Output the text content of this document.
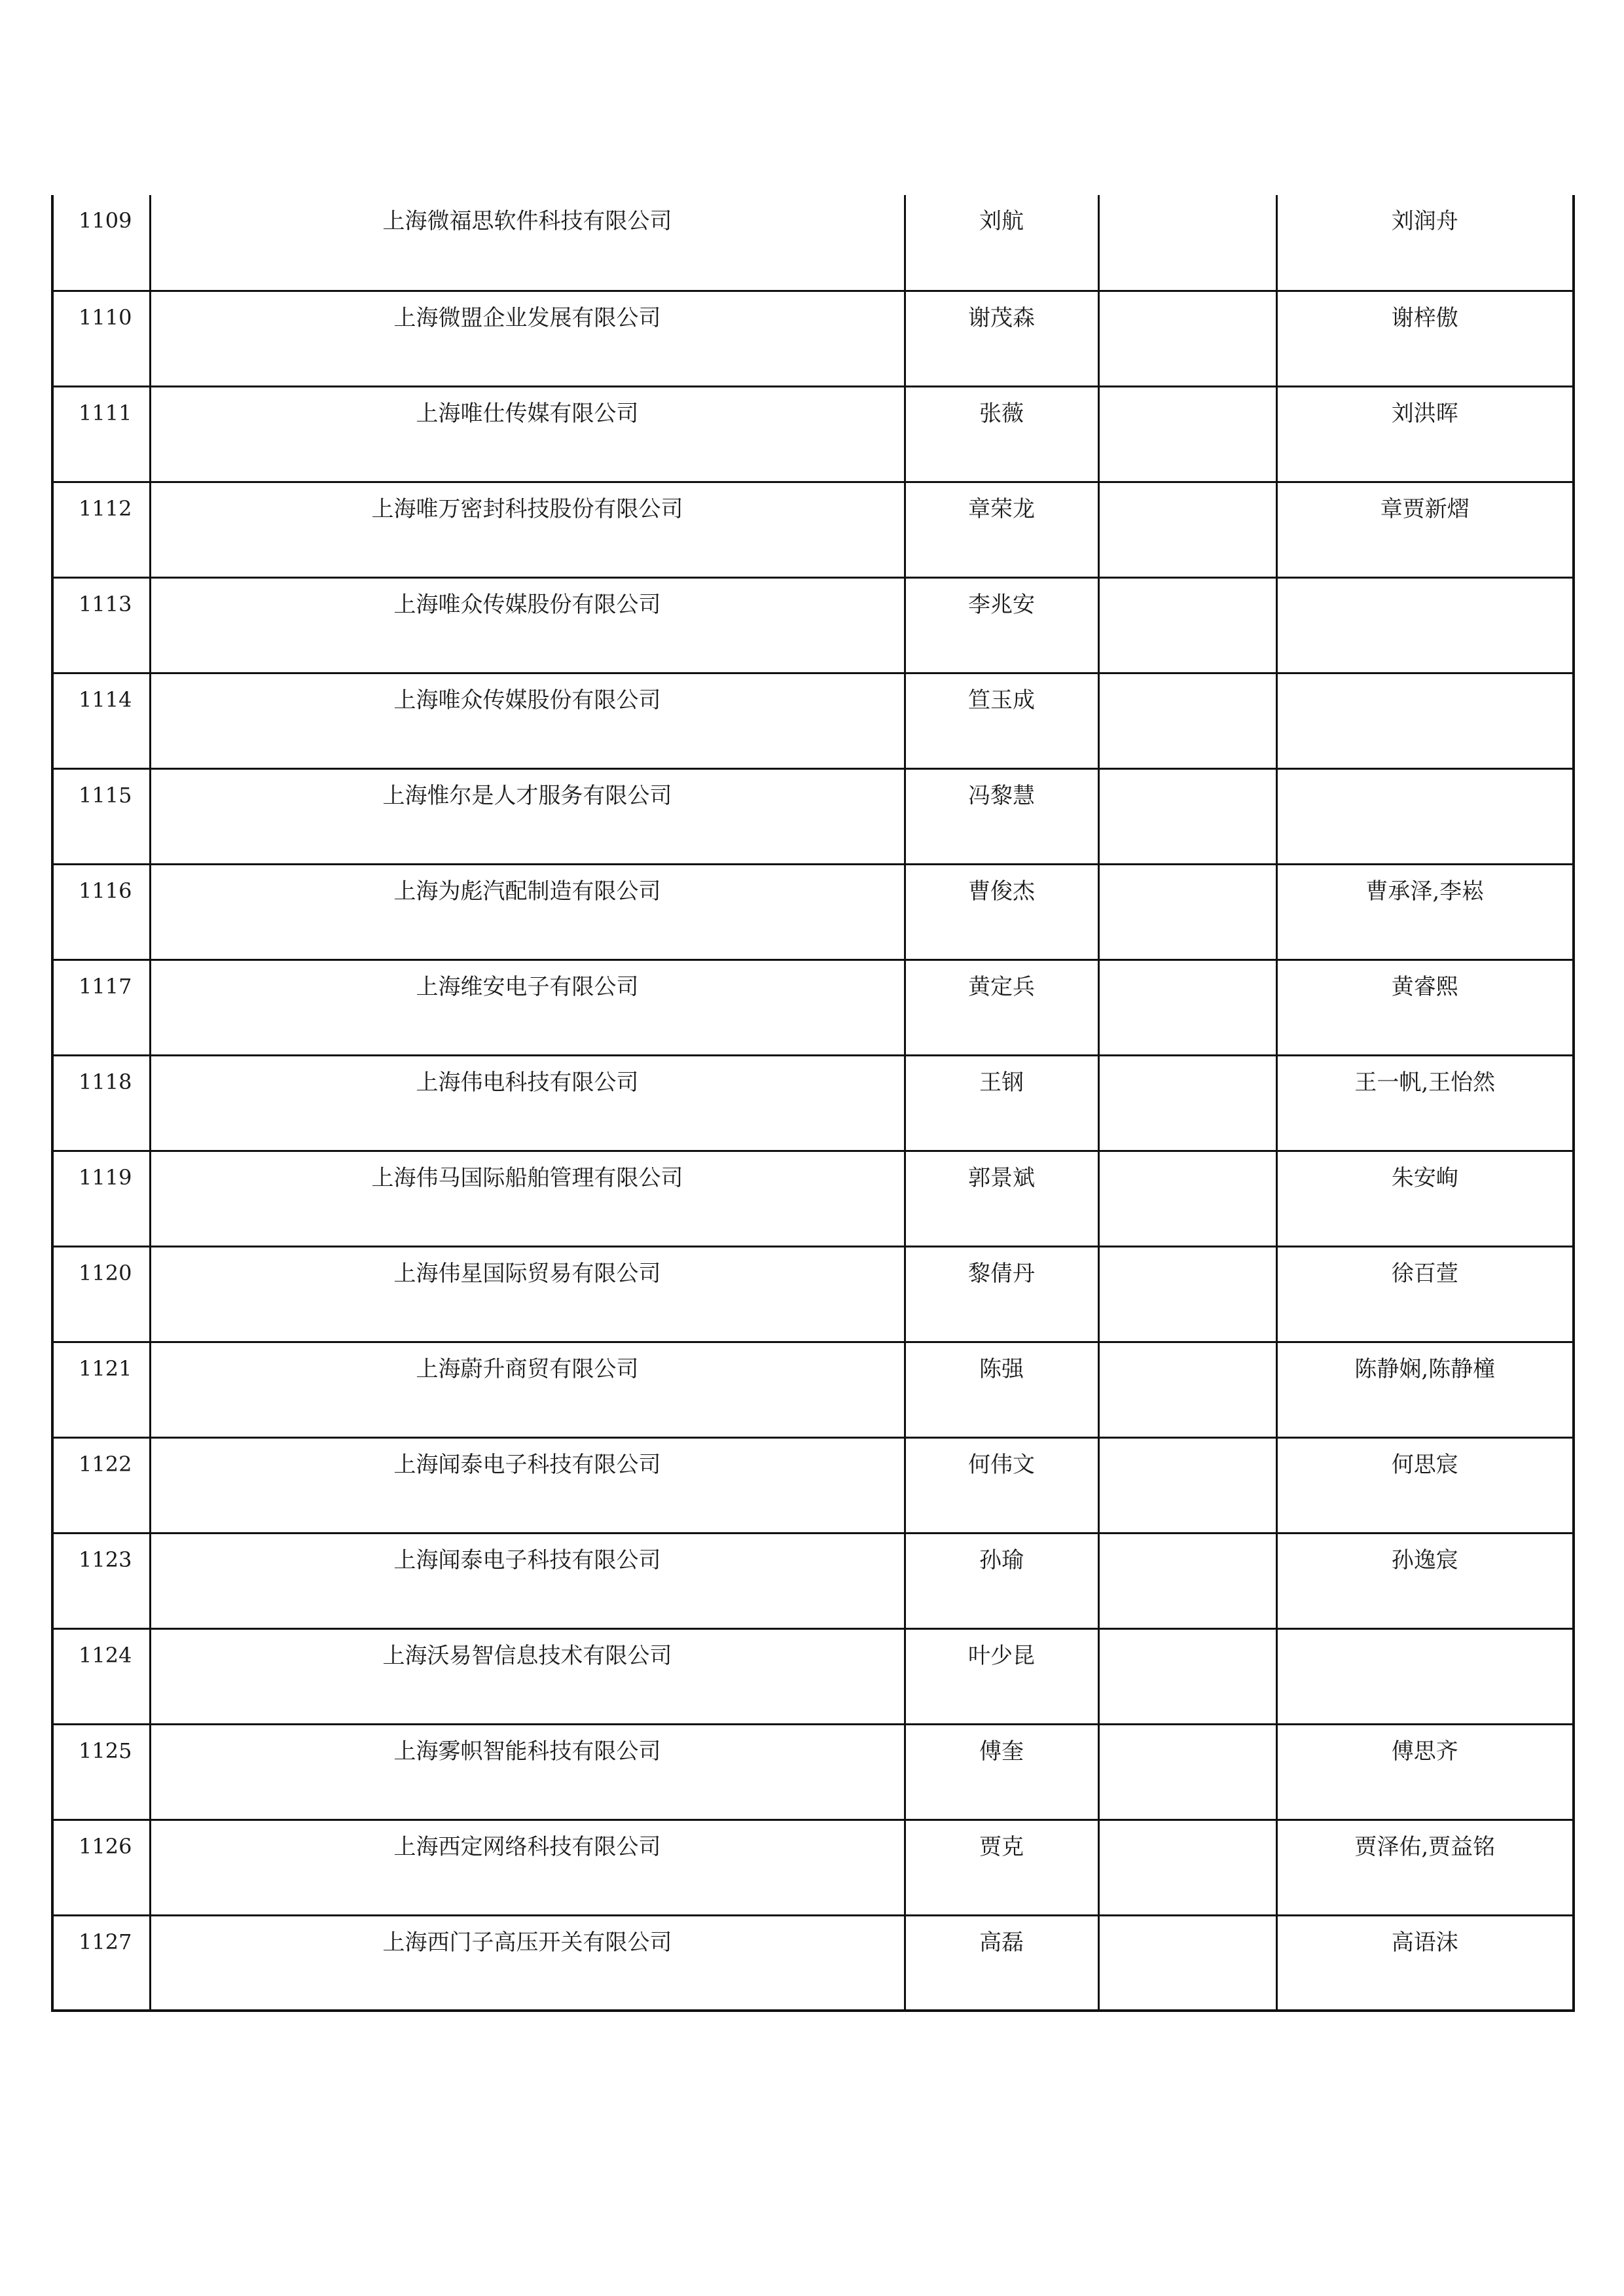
1109	上海微福思软件科技有限公司	刘航		刘润舟
1110	上海微盟企业发展有限公司	谢茂森		谢梓傲
1111	上海唯仕传媒有限公司	张薇		刘洪晖
1112	上海唯万密封科技股份有限公司	章荣龙		章贾新熠
1113	上海唯众传媒股份有限公司	李兆安		
1114	上海唯众传媒股份有限公司	笪玉成		
1115	上海惟尔是人才服务有限公司	冯黎慧		
1116	上海为彪汽配制造有限公司	曹俊杰		曹承泽,李崧
1117	上海维安电子有限公司	黄定兵		黄睿熙
1118	上海伟电科技有限公司	王钢		王一帆,王怡然
1119	上海伟马国际船舶管理有限公司	郭景斌		朱安峋
1120	上海伟星国际贸易有限公司	黎倩丹		徐百萱
1121	上海蔚升商贸有限公司	陈强		陈静娴,陈静橦
1122	上海闻泰电子科技有限公司	何伟文		何思宸
1123	上海闻泰电子科技有限公司	孙瑜		孙逸宸
1124	上海沃易智信息技术有限公司	叶少昆		
1125	上海雾帜智能科技有限公司	傅奎		傅思齐
1126	上海西定网络科技有限公司	贾克		贾泽佑,贾益铭
1127	上海西门子高压开关有限公司	高磊		高语沫
